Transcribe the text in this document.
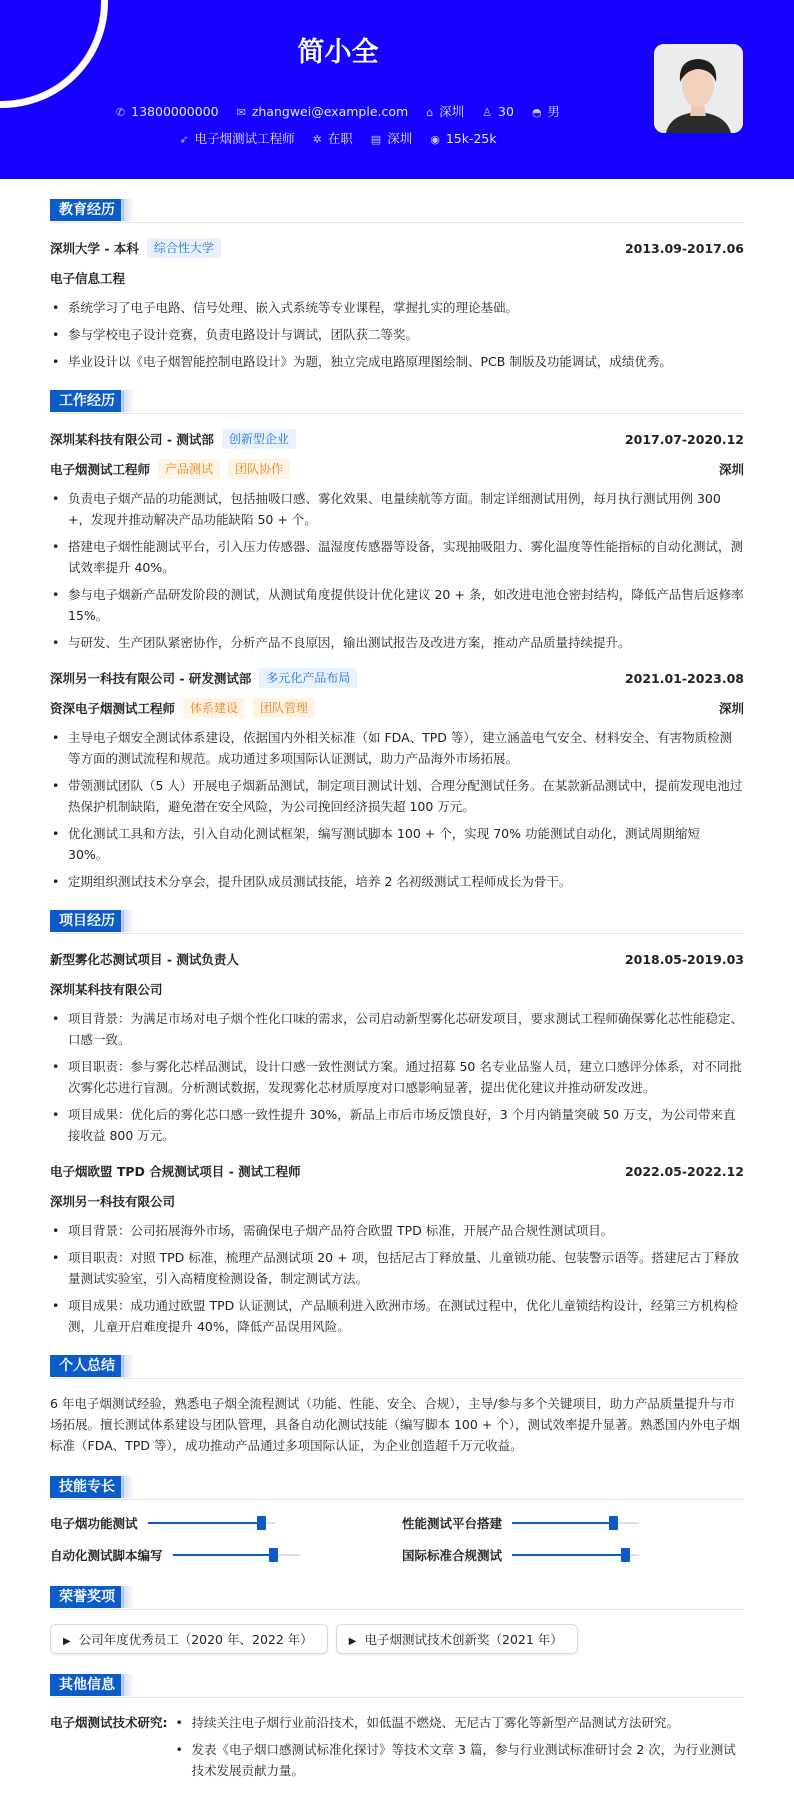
简小全
✆ 13800000000 ✉ zhangwei@example.com ⌂ 深圳 ♙ 30 ◓ 男
➶ 电子烟测试工程师 ✲ 在职 ▤ 深圳 ◉ 15k-25k
教育经历
深圳大学 - 本科	综合性大学	2013.09-2017.06
电子信息工程
• 系统学习了电子电路、信号处理、嵌入式系统等专业课程，掌握扎实的理论基础。
• 参与学校电子设计竞赛，负责电路设计与调试，团队获二等奖。
• 毕业设计以《电子烟智能控制电路设计》为题，独立完成电路原理图绘制、PCB 制版及功能调试，成绩优秀。
工作经历
深圳某科技有限公司 - 测试部	创新型企业	2017.07-2020.12
电子烟测试工程师	产品测试	团队协作	深圳
• 负责电子烟产品的功能测试，包括抽吸口感、雾化效果、电量续航等方面。制定详细测试用例，每月执行测试用例 300 +，发现并推动解决产品功能缺陷 50 + 个。
• 搭建电子烟性能测试平台，引入压力传感器、温湿度传感器等设备，实现抽吸阻力、雾化温度等性能指标的自动化测试，测试效率提升 40%。
• 参与电子烟新产品研发阶段的测试，从测试角度提供设计优化建议 20 + 条，如改进电池仓密封结构，降低产品售后返修率 15%。
• 与研发、生产团队紧密协作，分析产品不良原因，输出测试报告及改进方案，推动产品质量持续提升。
深圳另一科技有限公司 - 研发测试部	多元化产品布局	2021.01-2023.08
资深电子烟测试工程师	体系建设	团队管理	深圳
• 主导电子烟安全测试体系建设，依据国内外相关标准（如 FDA、TPD 等），建立涵盖电气安全、材料安全、有害物质检测等方面的测试流程和规范。成功通过多项国际认证测试，助力产品海外市场拓展。
• 带领测试团队（5 人）开展电子烟新品测试，制定项目测试计划、合理分配测试任务。在某款新品测试中，提前发现电池过热保护机制缺陷，避免潜在安全风险，为公司挽回经济损失超 100 万元。
• 优化测试工具和方法，引入自动化测试框架，编写测试脚本 100 + 个，实现 70% 功能测试自动化，测试周期缩短 30%。
• 定期组织测试技术分享会，提升团队成员测试技能，培养 2 名初级测试工程师成长为骨干。
项目经历
新型雾化芯测试项目 - 测试负责人	2018.05-2019.03
深圳某科技有限公司
• 项目背景：为满足市场对电子烟个性化口味的需求，公司启动新型雾化芯研发项目，要求测试工程师确保雾化芯性能稳定、口感一致。
• 项目职责：参与雾化芯样品测试，设计口感一致性测试方案。通过招募 50 名专业品鉴人员，建立口感评分体系，对不同批次雾化芯进行盲测。分析测试数据，发现雾化芯材质厚度对口感影响显著，提出优化建议并推动研发改进。
• 项目成果：优化后的雾化芯口感一致性提升 30%，新品上市后市场反馈良好，3 个月内销量突破 50 万支，为公司带来直接收益 800 万元。
电子烟欧盟 TPD 合规测试项目 - 测试工程师	2022.05-2022.12
深圳另一科技有限公司
• 项目背景：公司拓展海外市场，需确保电子烟产品符合欧盟 TPD 标准，开展产品合规性测试项目。
• 项目职责：对照 TPD 标准，梳理产品测试项 20 + 项，包括尼古丁释放量、儿童锁功能、包装警示语等。搭建尼古丁释放量测试实验室，引入高精度检测设备，制定测试方法。
• 项目成果：成功通过欧盟 TPD 认证测试，产品顺利进入欧洲市场。在测试过程中，优化儿童锁结构设计，经第三方机构检测，儿童开启难度提升 40%，降低产品误用风险。
个人总结
6 年电子烟测试经验，熟悉电子烟全流程测试（功能、性能、安全、合规），主导/参与多个关键项目，助力产品质量提升与市场拓展。擅长测试体系建设与团队管理，具备自动化测试技能（编写脚本 100 + 个），测试效率提升显著。熟悉国内外电子烟标准（FDA、TPD 等），成功推动产品通过多项国际认证，为企业创造超千万元收益。
技能专长
电子烟功能测试	性能测试平台搭建
自动化测试脚本编写	国际标准合规测试
荣誉奖项
▶ 公司年度优秀员工（2020 年、2022 年）	▶ 电子烟测试技术创新奖（2021 年）
其他信息
电子烟测试技术研究:	• 持续关注电子烟行业前沿技术，如低温不燃烧、无尼古丁雾化等新型产品测试方法研究。
• 发表《电子烟口感测试标准化探讨》等技术文章 3 篇，参与行业测试标准研讨会 2 次，为行业测试技术发展贡献力量。
